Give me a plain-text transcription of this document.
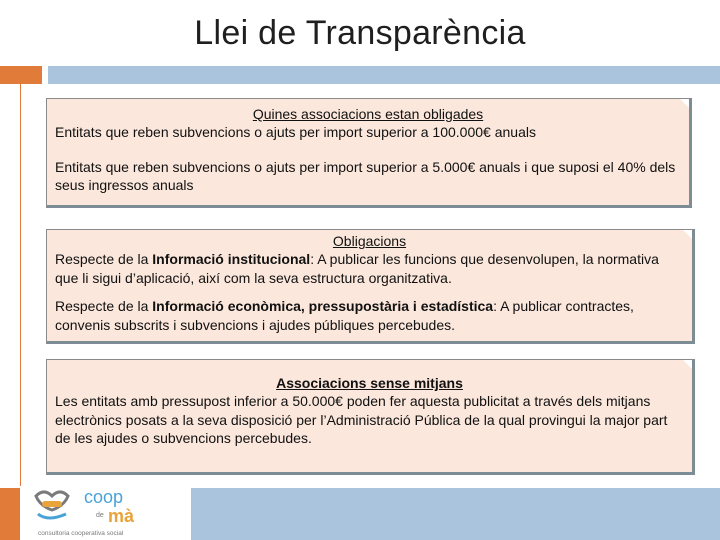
Llei de Transparència

Quines associacions estan obligades

Entitats que reben subvencions o ajuts per import superior a 100.000€ anuals

Entitats que reben subvencions o ajuts per import superior a 5.000€ anuals i que suposi el 40% dels seus ingressos anuals

Obligacions

Respecte de la Informació institucional: A publicar les funcions que desenvolupen, la normativa que li sigui d’aplicació, així com la seva estructura organitzativa.

Respecte de la Informació econòmica, pressupostària i estadística: A publicar contractes, convenis subscrits i subvencions i ajudes públiques percebudes.

Associacions sense mitjans

Les entitats amb pressupost inferior a 50.000€ poden fer aquesta publicitat a través dels mitjans electrònics posats a la seva disposició per l’Administració Pública de la qual provingui la major part de les ajudes o subvencions percebudes.

coop
de mà
consultoria cooperativa social
